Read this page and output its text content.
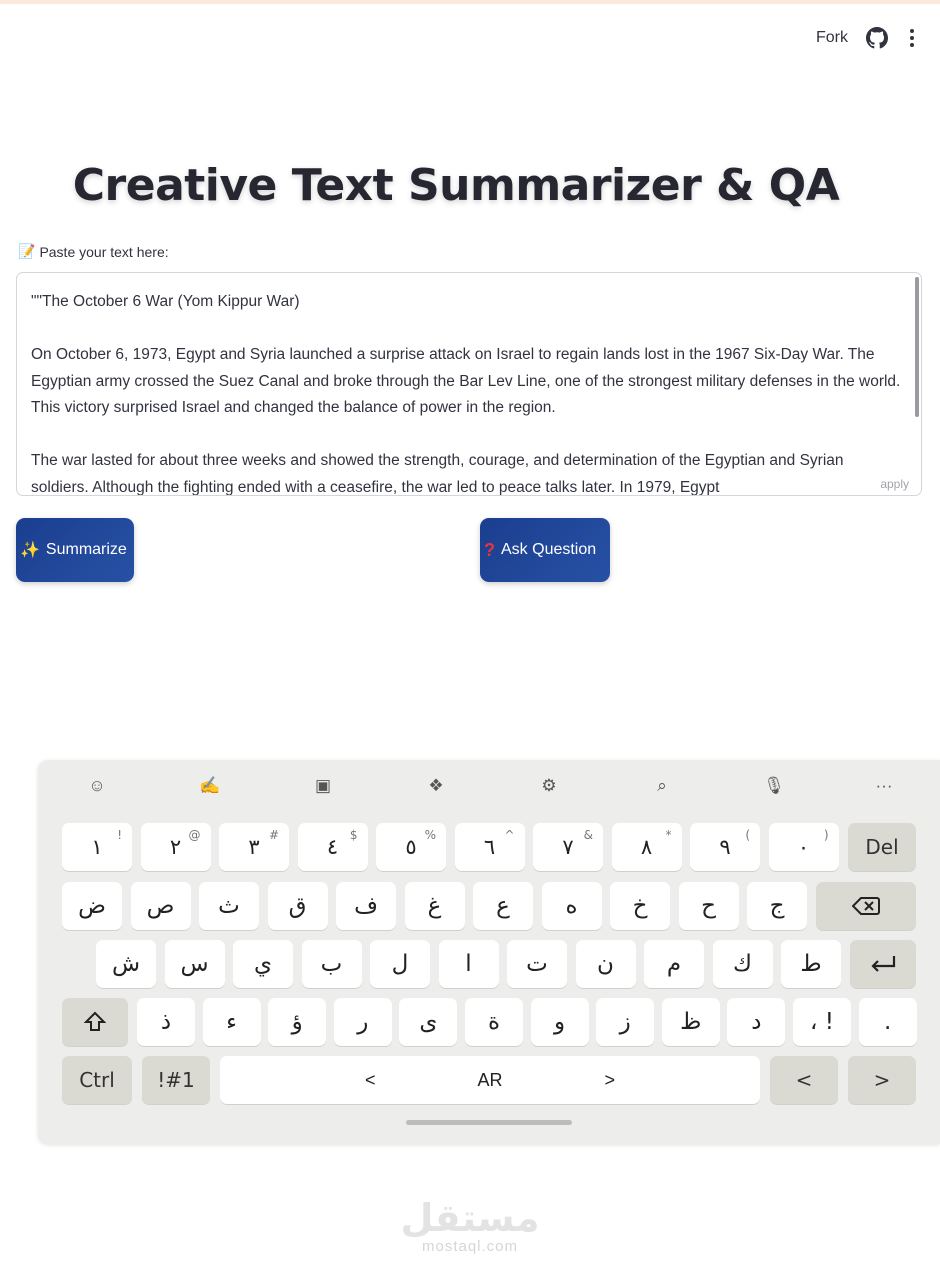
Fork
Creative Text Summarizer & QA
📝 Paste your text here:

""The October 6 War (Yom Kippur War)

On October 6, 1973, Egypt and Syria launched a surprise attack on Israel to regain lands lost in the 1967 Six-Day War. The Egyptian army crossed the Suez Canal and broke through the Bar Lev Line, one of the strongest military defenses in the world. This victory surprised Israel and changed the balance of power in the region.

The war lasted for about three weeks and showed the strength, courage, and determination of the Egyptian and Syrian soldiers. Although the fighting ended with a ceasefire, the war led to peace talks later. In 1979, Egypt	apply
✨ Summarize	? Ask Question
☺	✍	▣	❖	⚙	⌕	🎙	···
١ ! ٢ @ ٣ # ٤ $ ٥ % ٦ ^ ٧ & ٨ * ٩ ( ٠ ) Del
ض ص ث ق ف غ ع ه خ ح ج
ش س ي ب ل ا ت ن م ك ط
ذ ء ؤ ر ى ة و ز ظ د ، ! .
Ctrl !#1	<	AR	>	<	>
مستقل
mostaql.com
